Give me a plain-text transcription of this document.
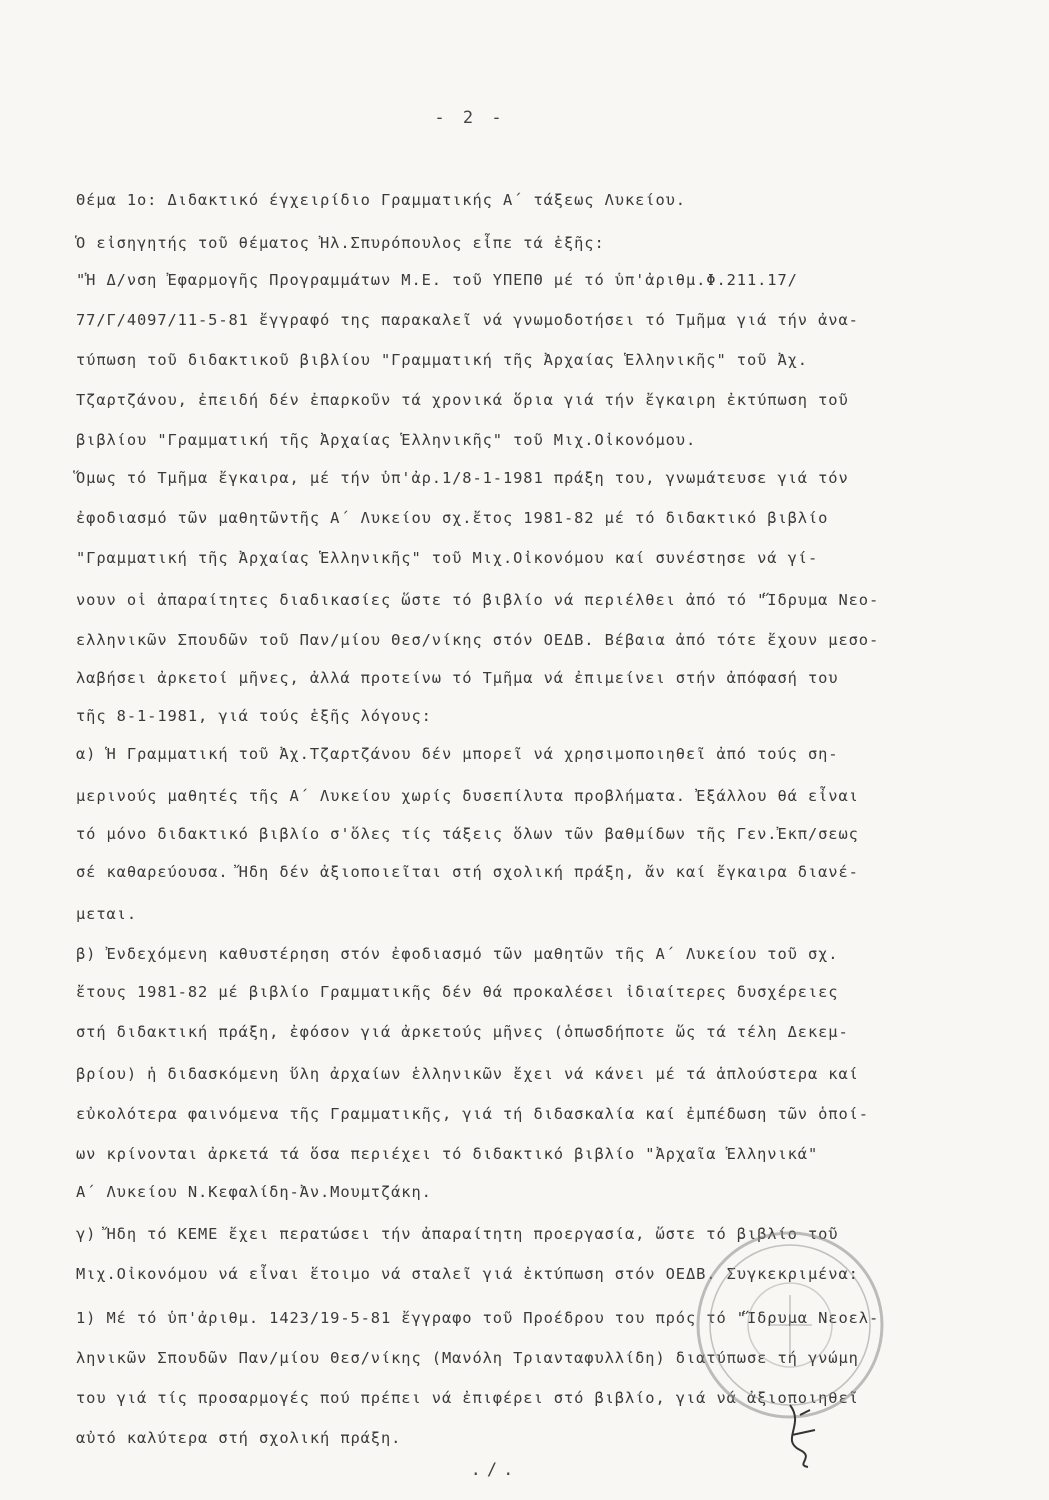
- 2 -
Θέμα 1ο: Διδακτικό έγχειρίδιο Γραμματικής Α΄ τάξεως Λυκείου.
Ὁ εἰσηγητής τοῦ θέματος Ἠλ.Σπυρόπουλος εἶπε τά ἑξῆς:
"Ἡ Δ/νση Ἐφαρμογῆς Προγραμμάτων Μ.Ε. τοῦ ΥΠΕΠΘ μέ τό ὑπ'ἀριθμ.Φ.211.17/
77/Γ/4097/11-5-81 ἔγγραφό της παρακαλεῖ νά γνωμοδοτήσει τό Τμῆμα γιά τήν ἀνα-
τύπωση τοῦ διδακτικοῦ βιβλίου "Γραμματική τῆς Ἀρχαίας Ἑλληνικῆς" τοῦ Ἀχ.
Τζαρτζάνου, ἐπειδή δέν ἐπαρκοῦν τά χρονικά ὅρια γιά τήν ἔγκαιρη ἐκτύπωση τοῦ
βιβλίου "Γραμματική τῆς Ἀρχαίας Ἑλληνικῆς" τοῦ Μιχ.Οἰκονόμου.
Ὅμως τό Τμῆμα ἔγκαιρα, μέ τήν ὑπ'ἀρ.1/8-1-1981 πράξη του, γνωμάτευσε γιά τόν
ἐφοδιασμό τῶν μαθητῶντῆς Α΄ Λυκείου σχ.ἔτος 1981-82 μέ τό διδακτικό βιβλίο
"Γραμματική τῆς Ἀρχαίας Ἑλληνικῆς" τοῦ Μιχ.Οἰκονόμου καί συνέστησε νά γί-
νουν οἱ ἀπαραίτητες διαδικασίες ὥστε τό βιβλίο νά περιέλθει ἀπό τό "Ἵδρυμα Νεο-
ελληνικῶν Σπουδῶν τοῦ Παν/μίου Θεσ/νίκης στόν ΟΕΔΒ. Βέβαια ἀπό τότε ἔχουν μεσο-
λαβήσει ἀρκετοί μῆνες, ἀλλά προτείνω τό Τμῆμα νά ἐπιμείνει στήν ἀπόφασή του
τῆς 8-1-1981, γιά τούς ἑξῆς λόγους:
α) Ἡ Γραμματική τοῦ Ἀχ.Τζαρτζάνου δέν μπορεῖ νά χρησιμοποιηθεῖ ἀπό τούς ση-
μερινούς μαθητές τῆς Α΄ Λυκείου χωρίς δυσεπίλυτα προβλήματα. Ἐξάλλου θά εἶναι
τό μόνο διδακτικό βιβλίο σ'ὅλες τίς τάξεις ὅλων τῶν βαθμίδων τῆς Γεν.Ἐκπ/σεως
σέ καθαρεύουσα. Ἤδη δέν ἀξιοποιεῖται στή σχολική πράξη, ἄν καί ἔγκαιρα διανέ-
μεται.
β) Ἐνδεχόμενη καθυστέρηση στόν ἐφοδιασμό τῶν μαθητῶν τῆς Α΄ Λυκείου τοῦ σχ.
ἔτους 1981-82 μέ βιβλίο Γραμματικῆς δέν θά προκαλέσει ἰδιαίτερες δυσχέρειες
στή διδακτική πράξη, ἐφόσον γιά ἀρκετούς μῆνες (ὁπωσδήποτε ὥς τά τέλη Δεκεμ-
βρίου) ἡ διδασκόμενη ὕλη ἀρχαίων ἑλληνικῶν ἔχει νά κάνει μέ τά ἁπλούστερα καί
εὐκολότερα φαινόμενα τῆς Γραμματικῆς, γιά τή διδασκαλία καί ἐμπέδωση τῶν ὁποί-
ων κρίνονται ἀρκετά τά ὅσα περιέχει τό διδακτικό βιβλίο "Ἀρχαῖα Ἑλληνικά"
Α΄ Λυκείου Ν.Κεφαλίδη-Ἀν.Μουμτζάκη.
γ) Ἤδη τό ΚΕΜΕ ἔχει περατώσει τήν ἀπαραίτητη προεργασία, ὥστε τό βιβλίο τοῦ
Μιχ.Οἰκονόμου νά εἶναι ἕτοιμο νά σταλεῖ γιά ἐκτύπωση στόν ΟΕΔΒ. Συγκεκριμένα:
1) Μέ τό ὑπ'ἀριθμ. 1423/19-5-81 ἔγγραφο τοῦ Προέδρου του πρός τό "Ἵδρυμα Νεοελ-
ληνικῶν Σπουδῶν Παν/μίου Θεσ/νίκης (Μανόλη Τριανταφυλλίδη) διατύπωσε τή γνώμη
του γιά τίς προσαρμογές πού πρέπει νά ἐπιφέρει στό βιβλίο, γιά νά ἀξιοποιηθεῖ
αὐτό καλύτερα στή σχολική πράξη.
./.
